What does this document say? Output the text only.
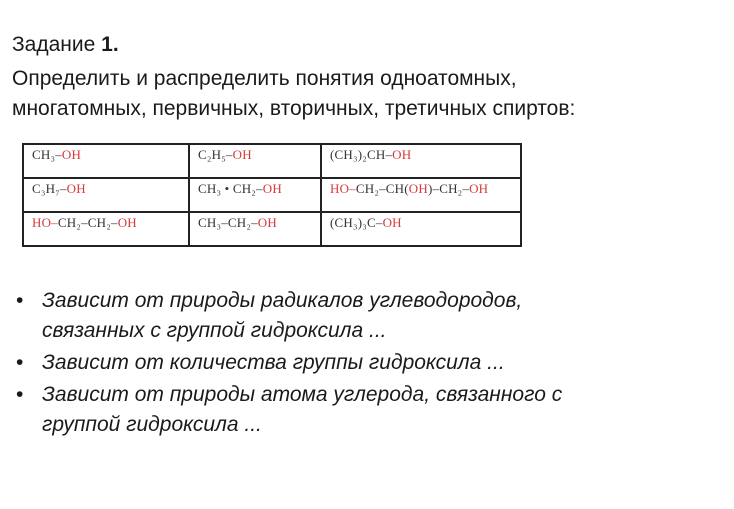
Задание 1.
Определить и распределить понятия одноатомных,
многатомных, первичных, вторичных, третичных спиртов:
CH₃–OH	C₂H₅–OH	(CH₃)₂CH–OH
C₃H₇–OH	CH₃ • CH₂–OH	HO–CH₂–CH(OH)–CH₂–OH
HO–CH₂–CH₂–OH	CH₃–CH₂–OH	(CH₃)₃C–OH
• Зависит от природы радикалов углеводородов,
связанных с группой гидроксила ...
• Зависит от количества группы гидроксила ...
• Зависит от природы атома углерода, связанного с
группой гидроксила ...
